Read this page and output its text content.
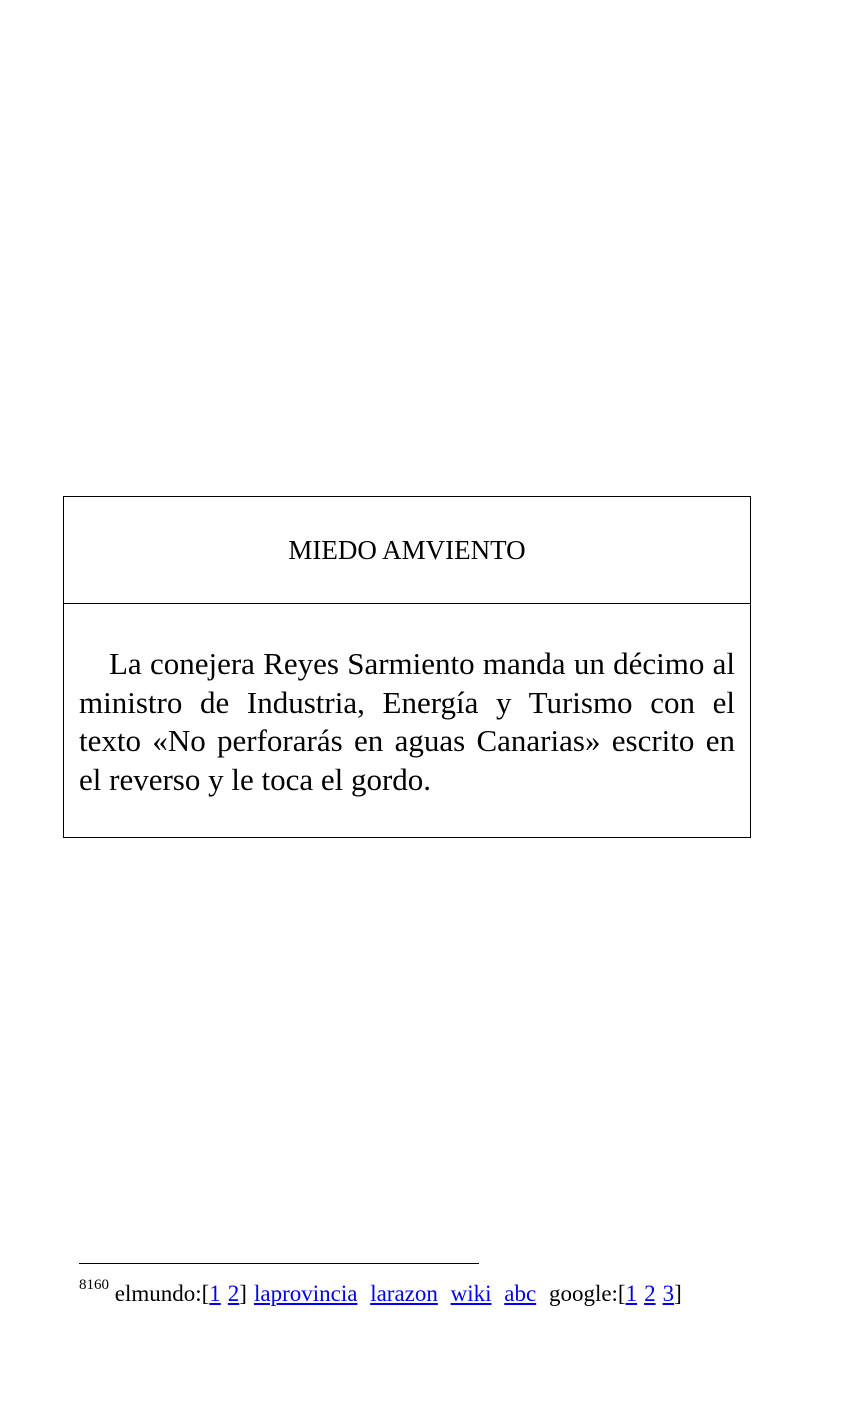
MIEDO AMVIENTO
La conejera Reyes Sarmiento manda un décimo al ministro de Industria, Energía y Turismo con el texto «No perforarás en aguas Canarias» escrito en el reverso y le toca el gordo.
$^{8160}$ elmundo:[1 2] laprovincia larazon wiki abc google:[1 2 3]
